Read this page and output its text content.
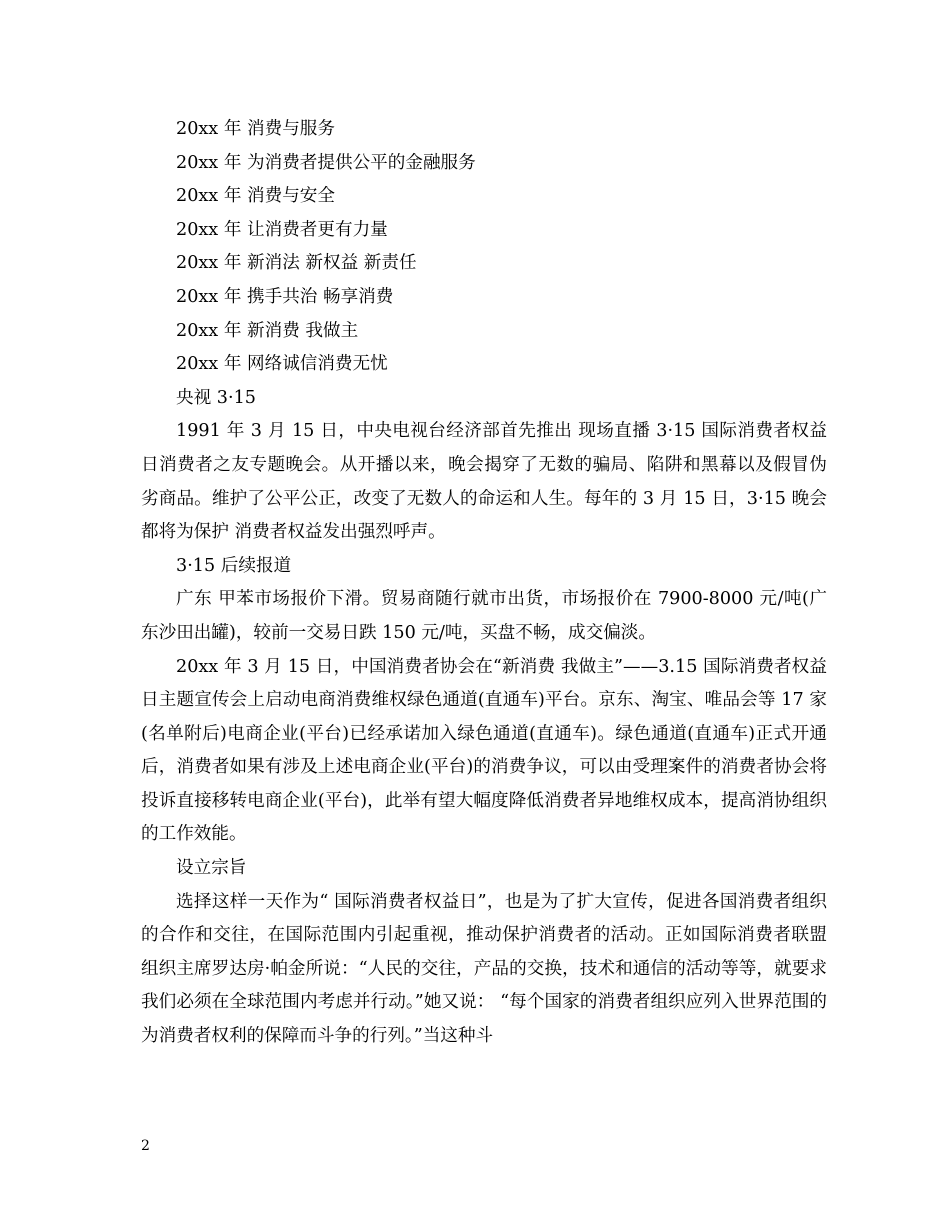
20xx 年 消费与服务
20xx 年 为消费者提供公平的金融服务
20xx 年 消费与安全
20xx 年 让消费者更有力量
20xx 年 新消法 新权益 新责任
20xx 年 携手共治 畅享消费
20xx 年 新消费 我做主
20xx 年 网络诚信消费无忧
央视 3·15

1991 年 3 月 15 日，中央电视台经济部首先推出 现场直播 3·15 国际消费者权益日消费者之友专题晚会。从开播以来，晚会揭穿了无数的骗局、陷阱和黑幕以及假冒伪劣商品。维护了公平公正，改变了无数人的命运和人生。每年的 3 月 15 日，3·15 晚会都将为保护 消费者权益发出强烈呼声。

3·15 后续报道

广东 甲苯市场报价下滑。贸易商随行就市出货，市场报价在 7900-8000 元/吨(广东沙田出罐)，较前一交易日跌 150 元/吨，买盘不畅，成交偏淡。

20xx 年 3 月 15 日，中国消费者协会在“新消费 我做主”——3.15 国际消费者权益日主题宣传会上启动电商消费维权绿色通道(直通车)平台。京东、淘宝、唯品会等 17 家(名单附后)电商企业(平台)已经承诺加入绿色通道(直通车)。绿色通道(直通车)正式开通后，消费者如果有涉及上述电商企业(平台)的消费争议，可以由受理案件的消费者协会将投诉直接移转电商企业(平台)，此举有望大幅度降低消费者异地维权成本，提高消协组织的工作效能。

设立宗旨

选择这样一天作为“ 国际消费者权益日”，也是为了扩大宣传，促进各国消费者组织的合作和交往，在国际范围内引起重视，推动保护消费者的活动。正如国际消费者联盟组织主席罗达房·帕金所说：“人民的交往，产品的交换，技术和通信的活动等等，就要求我们必须在全球范围内考虑并行动。”她又说： “每个国家的消费者组织应列入世界范围的为消费者权利的保障而斗争的行列。”当这种斗

2
